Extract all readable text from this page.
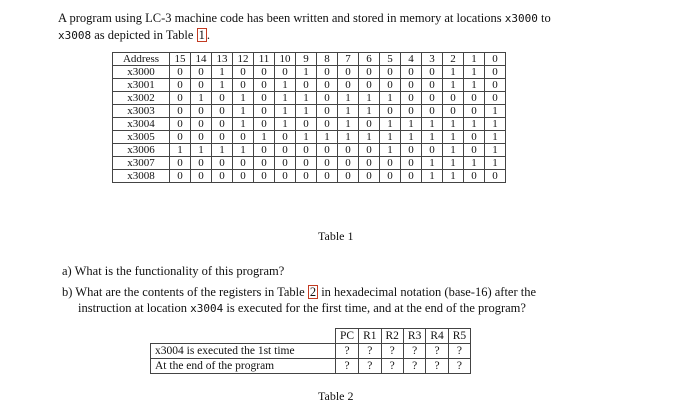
A program using LC-3 machine code has been written and stored in memory at locations x3000 to
x3008 as depicted in Table 1 .
Address	15	14	13	12	11	10	9	8	7	6	5	4	3	2	1	0
x3000	0	0	1	0	0	0	1	0	0	0	0	0	0	1	1	0
x3001	0	0	1	0	0	1	0	0	0	0	0	0	0	1	1	0
x3002	0	1	0	1	0	1	1	0	1	1	1	0	0	0	0	0
x3003	0	0	0	1	0	1	1	0	1	1	0	0	0	0	0	1
x3004	0	0	0	1	0	1	0	0	1	0	1	1	1	1	1	1
x3005	0	0	0	0	1	0	1	1	1	1	1	1	1	1	0	1
x3006	1	1	1	1	0	0	0	0	0	0	1	0	0	1	0	1
x3007	0	0	0	0	0	0	0	0	0	0	0	0	1	1	1	1
x3008	0	0	0	0	0	0	0	0	0	0	0	0	1	1	0	0
Table 1
a) What is the functionality of this program?
b) What are the contents of the registers in Table 2 in hexadecimal notation (base-16) after the
instruction at location x3004 is executed for the first time, and at the end of the program?
	PC	R1	R2	R3	R4	R5
x3004 is executed the 1st time	?	?	?	?	?	?
At the end of the program	?	?	?	?	?	?
Table 2
